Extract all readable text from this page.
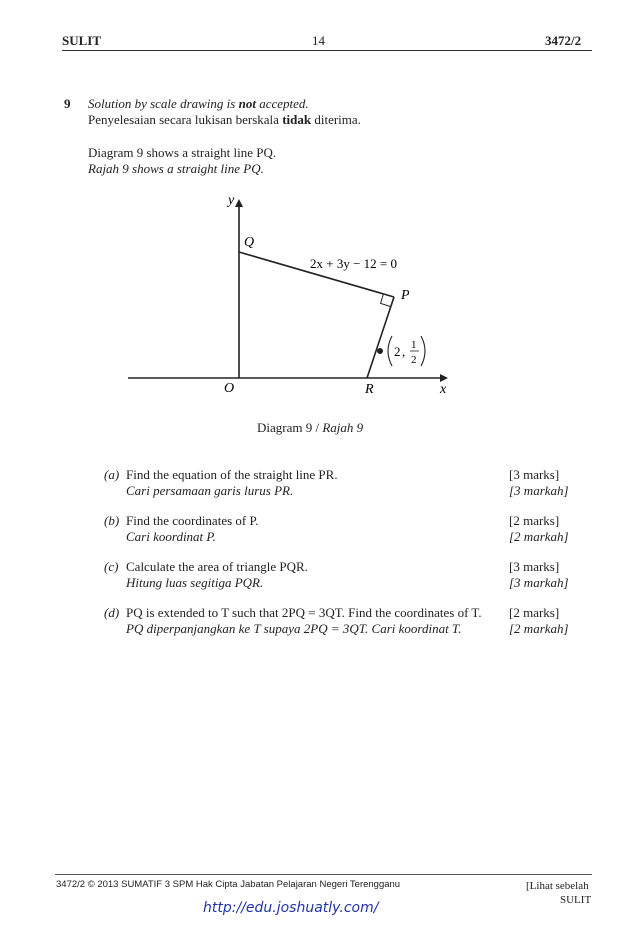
SULIT	14	3472/2
9 Solution by scale drawing is not accepted.
Penyelesaian secara lukisan berskala tidak diterima.
Diagram 9 shows a straight line PQ.
Rajah 9 shows a straight line PQ.
2 , 1
2
y
x
O
Q
P
R
2x + 3y − 12 = 0
Diagram 9 / Rajah 9
(a) Find the equation of the straight line PR.
Cari persamaan garis lurus PR.
[3 marks]
[3 markah]
(b) Find the coordinates of P.
Cari koordinat P.
[2 marks]
[2 markah]
(c) Calculate the area of triangle PQR.
Hitung luas segitiga PQR.
[3 marks]
[3 markah]
(d) PQ is extended to T such that 2PQ = 3QT. Find the coordinates of T.
PQ diperpanjangkan ke T supaya 2PQ = 3QT. Cari koordinat T.
[2 marks]
[2 markah]
3472/2 © 2013 SUMATIF 3 SPM Hak Cipta Jabatan Pelajaran Negeri Terengganu	[Lihat sebelah
SULIT
http://edu.joshuatly.com/
